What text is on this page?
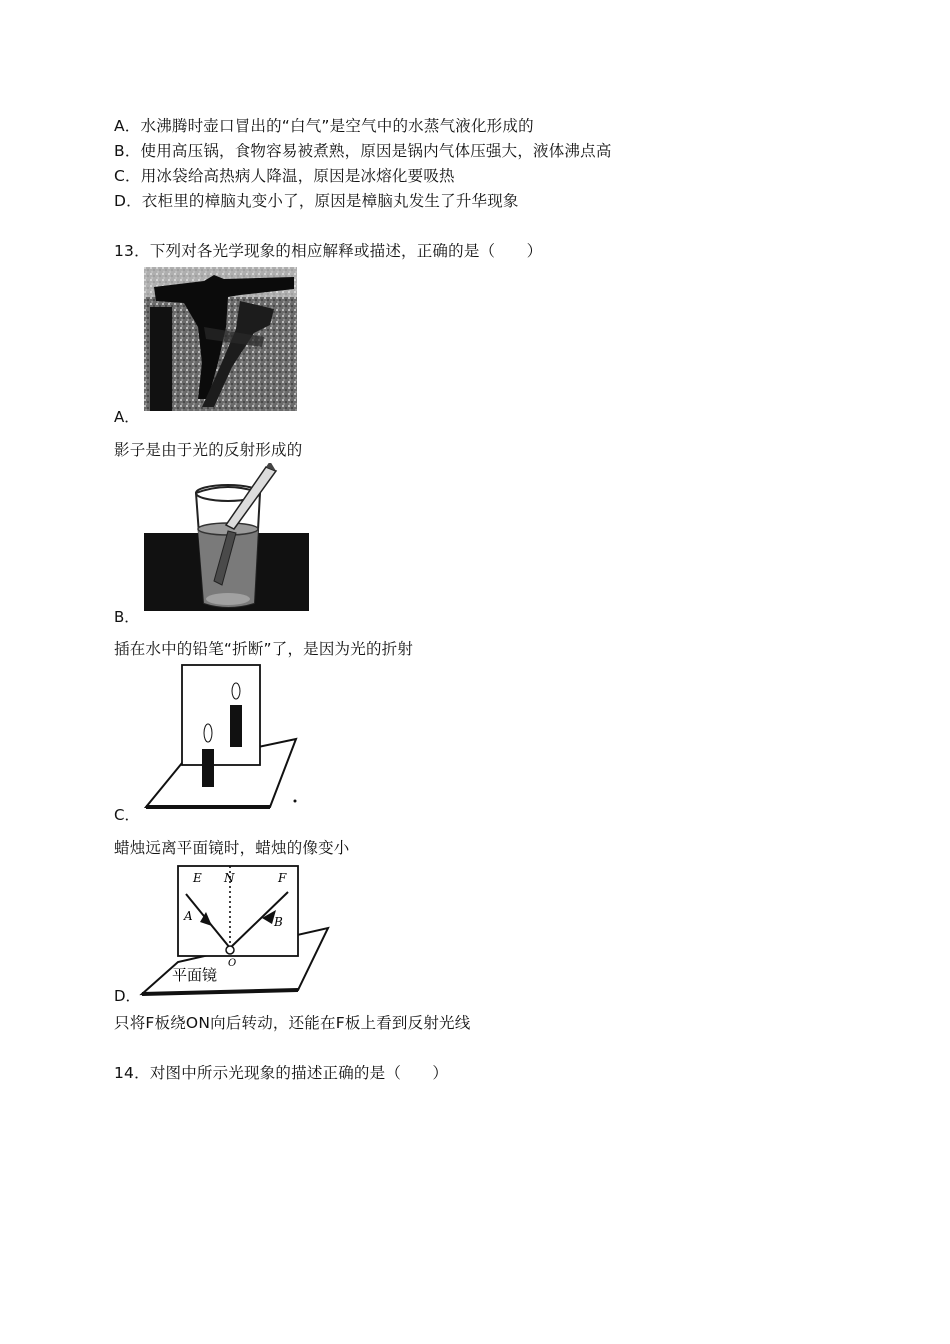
A．水沸腾时壶口冒出的“白气”是空气中的水蒸气液化形成的
B．使用高压锅，食物容易被煮熟，原因是锅内气体压强大，液体沸点高
C．用冰袋给高热病人降温，原因是冰熔化要吸热
D．衣柜里的樟脑丸变小了，原因是樟脑丸发生了升华现象
13．下列对各光学现象的相应解释或描述，正确的是（　　）
A．
影子是由于光的反射形成的
B．
插在水中的铅笔“折断”了，是因为光的折射
C．
蜡烛远离平面镜时，蜡烛的像变小
E N	F
A	B
O
平面镜
D．
只将F板绕ON向后转动，还能在F板上看到反射光线
14．对图中所示光现象的描述正确的是（　　）
